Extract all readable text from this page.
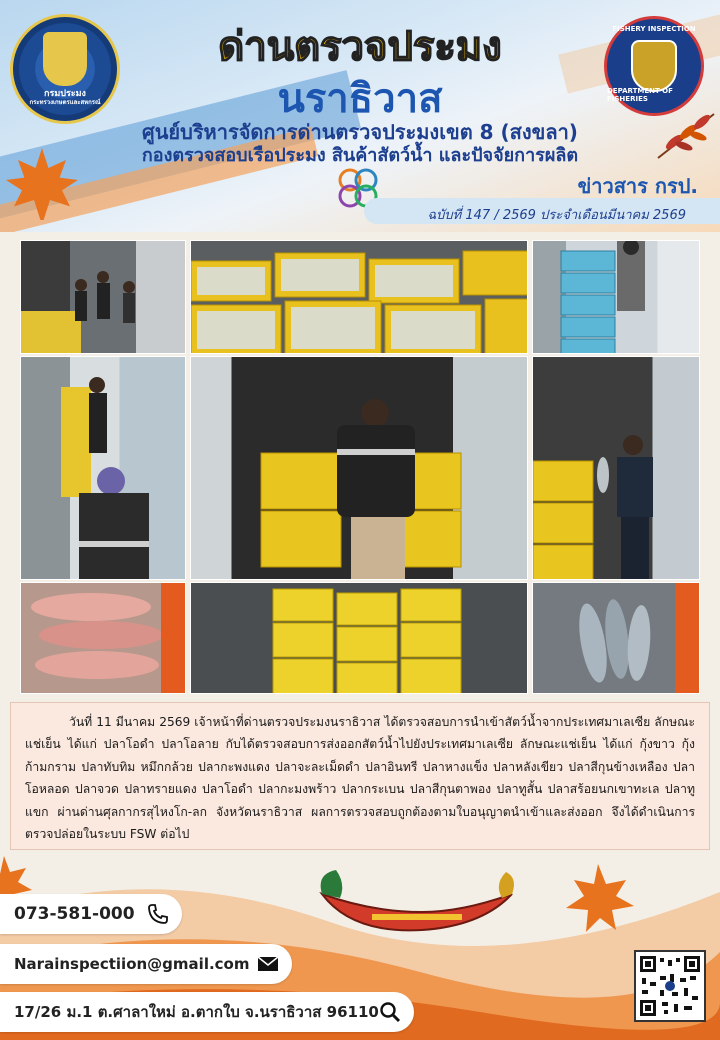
กรมประมง
กระทรวงเกษตรและสหกรณ์
FISHERY INSPECTION
DEPARTMENT OF FISHERIES
ด่านตรวจประมง
นราธิวาส
ศูนย์บริหารจัดการด่านตรวจประมงเขต 8 (สงขลา)
กองตรวจสอบเรือประมง สินค้าสัตว์น้ำ และปัจจัยการผลิต
ข่าวสาร กรป.
ฉบับที่ 147 / 2569 ประจำเดือนมีนาคม 2569

วันที่ 11 มีนาคม 2569 เจ้าหน้าที่ด่านตรวจประมงนราธิวาส ได้ตรวจสอบการนำเข้าสัตว์น้ำจากประเทศมาเลเซีย ลักษณะแช่เย็น ได้แก่ ปลาโอดำ ปลาโอลาย กับได้ตรวจสอบการส่งออกสัตว์น้ำไปยังประเทศมาเลเซีย ลักษณะแช่เย็น ได้แก่ กุ้งขาว กุ้งก้ามกราม ปลาทับทิม หมึกกล้วย ปลากะพงแดง ปลาจะละเม็ดดำ ปลาอินทรี ปลาหางแข็ง ปลาหลังเขียว ปลาสีกุนข้างเหลือง ปลาโอหลอด ปลาจวด ปลาทรายแดง ปลาโอดำ ปลากะมงพร้าว ปลากระเบน ปลาสีกุนตาพอง ปลาทูสั้น ปลาสร้อยนกเขาทะเล ปลาทูแขก ผ่านด่านศุลกากรสุไหงโก-ลก จังหวัดนราธิวาส ผลการตรวจสอบถูกต้องตามใบอนุญาตนำเข้าและส่งออก จึงได้ดำเนินการตรวจปล่อยในระบบ FSW ต่อไป

073-581-000
Narainspectiion@gmail.com
17/26 ม.1 ต.ศาลาใหม่ อ.ตากใบ จ.นราธิวาส 96110
